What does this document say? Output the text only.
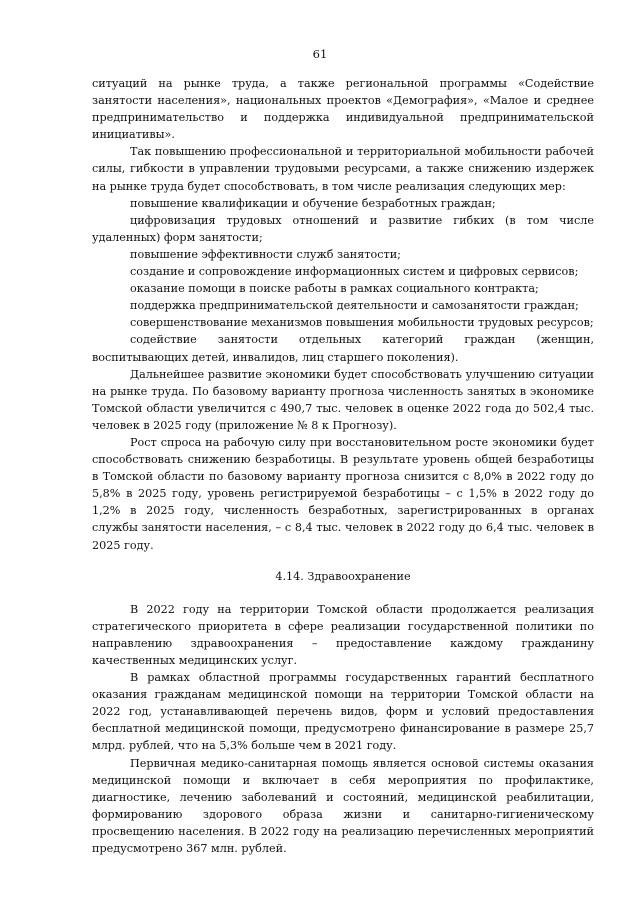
61

ситуаций на рынке труда, а также региональной программы «Содействие занятости населения», национальных проектов «Демография», «Малое и среднее предпринимательство и поддержка индивидуальной предпринимательской инициативы».

Так повышению профессиональной и территориальной мобильности рабочей силы, гибкости в управлении трудовыми ресурсами, а также снижению издержек на рынке труда будет способствовать, в том числе реализация следующих мер:

повышение квалификации и обучение безработных граждан;

цифровизация трудовых отношений и развитие гибких (в том числе удаленных) форм занятости;

повышение эффективности служб занятости;

создание и сопровождение информационных систем и цифровых сервисов;

оказание помощи в поиске работы в рамках социального контракта;

поддержка предпринимательской деятельности и самозанятости граждан;

совершенствование механизмов повышения мобильности трудовых ресурсов;

содействие занятости отдельных категорий граждан (женщин, воспитывающих детей, инвалидов, лиц старшего поколения).

Дальнейшее развитие экономики будет способствовать улучшению ситуации на рынке труда. По базовому варианту прогноза численность занятых в экономике Томской области увеличится с 490,7 тыс. человек в оценке 2022 года до 502,4 тыс. человек в 2025 году (приложение № 8 к Прогнозу).

Рост спроса на рабочую силу при восстановительном росте экономики будет способствовать снижению безработицы. В результате уровень общей безработицы в Томской области по базовому варианту прогноза снизится с 8,0% в 2022 году до 5,8% в 2025 году, уровень регистрируемой безработицы – с 1,5% в 2022 году до 1,2% в 2025 году, численность безработных, зарегистрированных в органах службы занятости населения, – с 8,4 тыс. человек в 2022 году до 6,4 тыс. человек в 2025 году.

4.14. Здравоохранение

В 2022 году на территории Томской области продолжается реализация стратегического приоритета в сфере реализации государственной политики по направлению здравоохранения – предоставление каждому гражданину качественных медицинских услуг.

В рамках областной программы государственных гарантий бесплатного оказания гражданам медицинской помощи на территории Томской области на 2022 год, устанавливающей перечень видов, форм и условий предоставления бесплатной медицинской помощи, предусмотрено финансирование в размере 25,7 млрд. рублей, что на 5,3% больше чем в 2021 году.

Первичная медико-санитарная помощь является основой системы оказания медицинской помощи и включает в себя мероприятия по профилактике, диагностике, лечению заболеваний и состояний, медицинской реабилитации, формированию здорового образа жизни и санитарно-гигиеническому просвещению населения. В 2022 году на реализацию перечисленных мероприятий предусмотрено 367 млн. рублей.
